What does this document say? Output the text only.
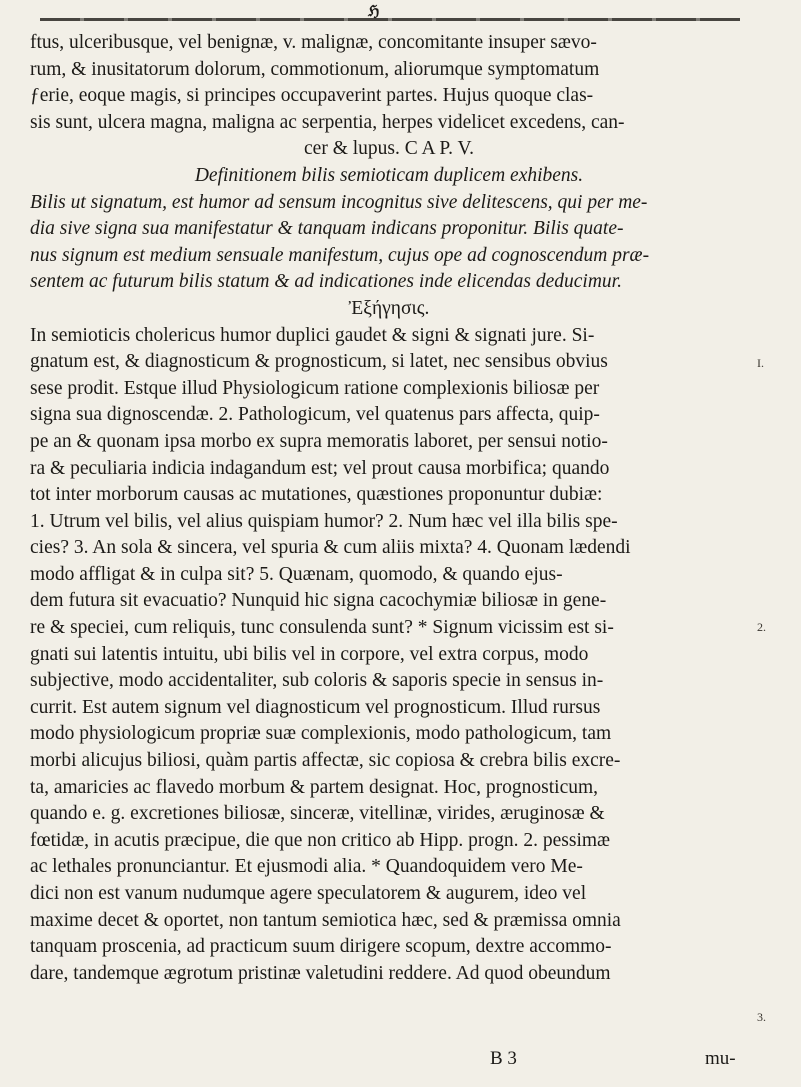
ℌ
ftus, ulceribusque, vel benignæ, v. malignæ, concomitante insuper sævo-
rum, & inusitatorum dolorum, commotionum, aliorumque symptomatum
ƒerie, eoque magis, si principes occupaverint partes. Hujus quoque clas-
sis sunt, ulcera magna, maligna ac serpentia, herpes videlicet excedens, can-
cer & lupus. C A P. V.
Definitionem bilis semioticam duplicem exhibens.
Bilis ut signatum, est humor ad sensum incognitus sive delitescens, qui per me-
dia sive signa sua manifestatur & tanquam indicans proponitur. Bilis quate-
nus signum est medium sensuale manifestum, cujus ope ad cognoscendum præ-
sentem ac futurum bilis statum & ad indicationes inde elicendas deducimur.
Ἐξήγησις.
In semioticis cholericus humor duplici gaudet & signi & signati jure. Si-
gnatum est, & diagnosticum & prognosticum, si latet, nec sensibus obvius
sese prodit. Estque illud Physiologicum ratione complexionis biliosæ per
signa sua dignoscendæ. 2. Pathologicum, vel quatenus pars affecta, quip-
pe an & quonam ipsa morbo ex supra memoratis laboret, per sensui notio-
ra & peculiaria indicia indagandum est; vel prout causa morbifica; quando
tot inter morborum causas ac mutationes, quæstiones proponuntur dubiæ:
1. Utrum vel bilis, vel alius quispiam humor? 2. Num hæc vel illa bilis spe-
cies? 3. An sola & sincera, vel spuria & cum aliis mixta? 4. Quonam lædendi
modo affligat & in culpa sit? 5. Quænam, quomodo, & quando ejus-
dem futura sit evacuatio? Nunquid hic signa cacochymiæ biliosæ in gene-
re & speciei, cum reliquis, tunc consulenda sunt? * Signum vicissim est si-
gnati sui latentis intuitu, ubi bilis vel in corpore, vel extra corpus, modo
subjective, modo accidentaliter, sub coloris & saporis specie in sensus in-
currit. Est autem signum vel diagnosticum vel prognosticum. Illud rursus
modo physiologicum propriæ suæ complexionis, modo pathologicum, tam
morbi alicujus biliosi, quàm partis affectæ, sic copiosa & crebra bilis excre-
ta, amaricies ac flavedo morbum & partem designat. Hoc, prognosticum,
quando e. g. excretiones biliosæ, sinceræ, vitellinæ, virides, æruginosæ &
fœtidæ, in acutis præcipue, die que non critico ab Hipp. progn. 2. pessimæ
ac lethales pronunciantur. Et ejusmodi alia. * Quandoquidem vero Me-
dici non est vanum nudumque agere speculatorem & augurem, ideo vel
maxime decet & oportet, non tantum semiotica hæc, sed & præmissa omnia
tanquam prosceniа, ad practicum suum dirigere scopum, dextre accommo-
dare, tandemque ægrotum pristinæ valetudini reddere. Ad quod obeundum
I.
2.
3.
B 3	mu-
